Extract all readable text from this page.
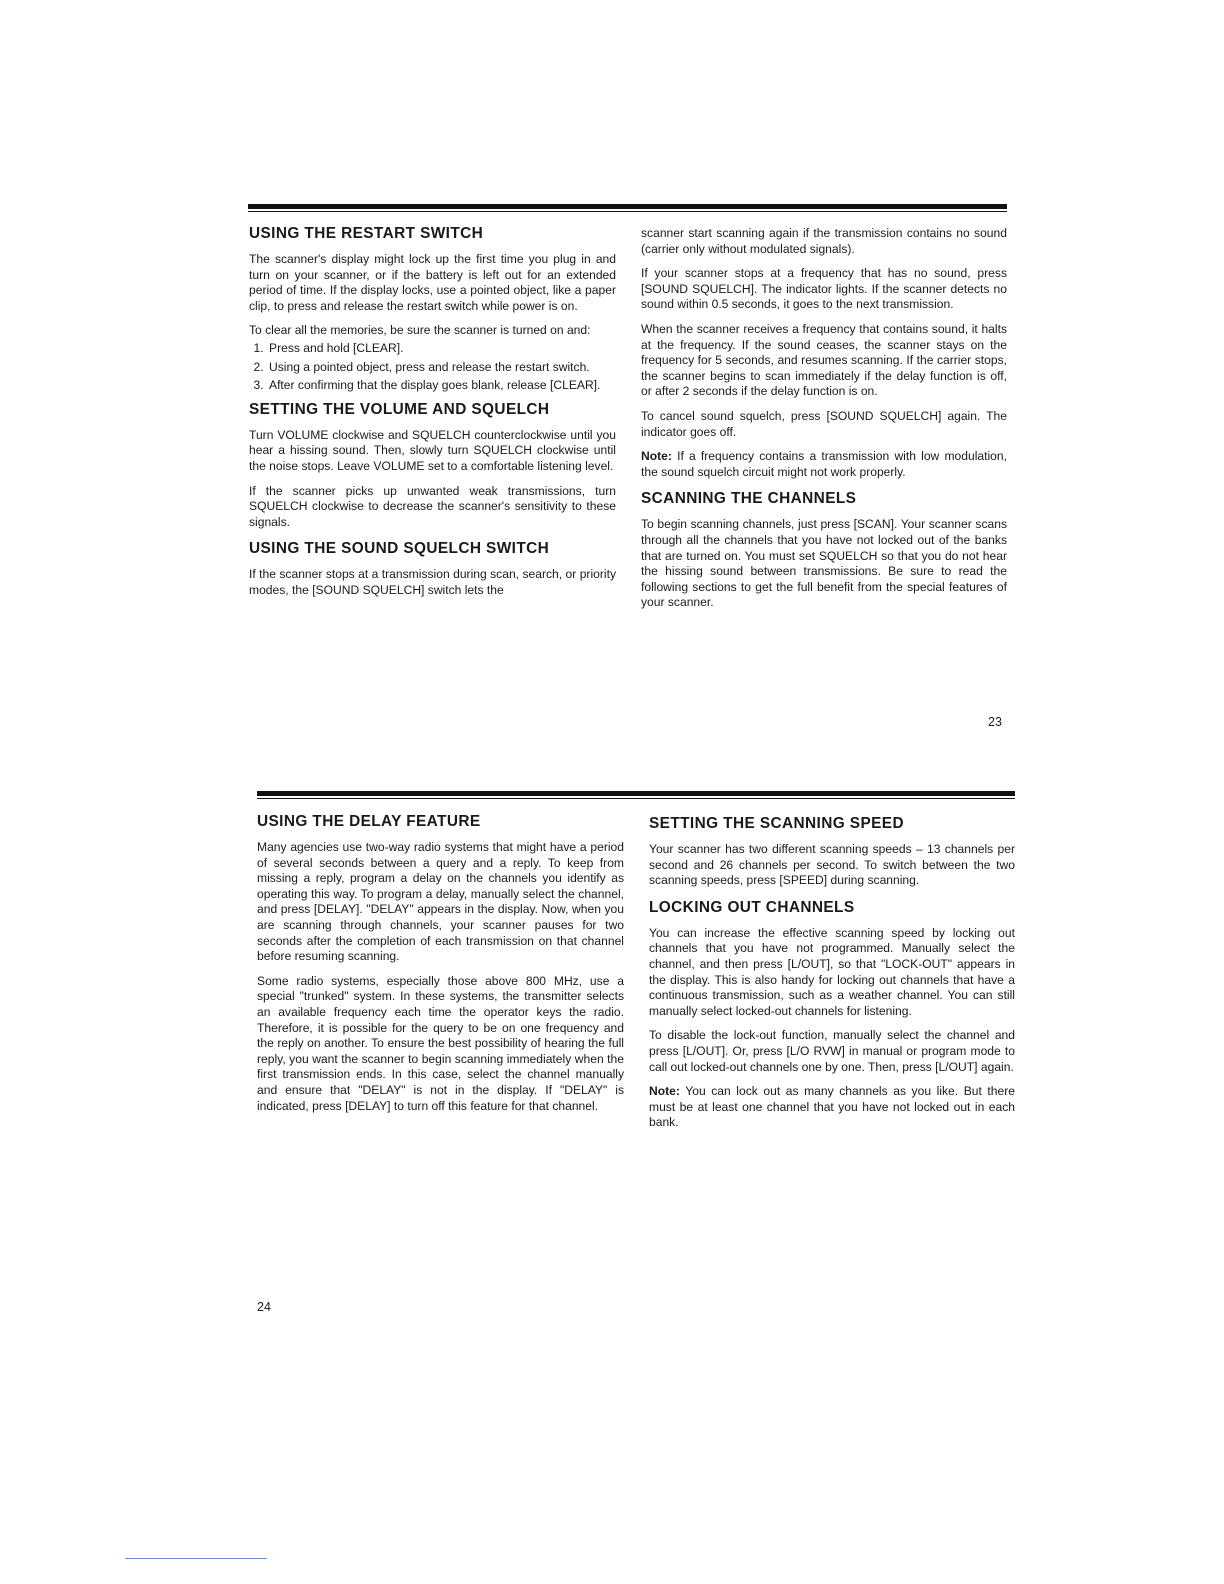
USING THE RESTART SWITCH

The scanner's display might lock up the first time you plug in and turn on your scanner, or if the battery is left out for an extended period of time. If the display locks, use a pointed object, like a paper clip, to press and release the restart switch while power is on.

To clear all the memories, be sure the scanner is turned on and:

1. Press and hold [CLEAR].
2. Using a pointed object, press and release the restart switch.
3. After confirming that the display goes blank, release [CLEAR].
SETTING THE VOLUME AND SQUELCH

Turn VOLUME clockwise and SQUELCH counterclockwise until you hear a hissing sound. Then, slowly turn SQUELCH clockwise until the noise stops. Leave VOLUME set to a comfortable listening level.

If the scanner picks up unwanted weak transmissions, turn SQUELCH clockwise to decrease the scanner's sensitivity to these signals.

USING THE SOUND SQUELCH SWITCH

If the scanner stops at a transmission during scan, search, or priority modes, the [SOUND SQUELCH] switch lets the

scanner start scanning again if the transmission contains no sound (carrier only without modulated signals).

If your scanner stops at a frequency that has no sound, press [SOUND SQUELCH]. The indicator lights. If the scanner detects no sound within 0.5 seconds, it goes to the next transmission.

When the scanner receives a frequency that contains sound, it halts at the frequency. If the sound ceases, the scanner stays on the frequency for 5 seconds, and resumes scanning. If the carrier stops, the scanner begins to scan immediately if the delay function is off, or after 2 seconds if the delay function is on.

To cancel sound squelch, press [SOUND SQUELCH] again. The indicator goes off.

Note: If a frequency contains a transmission with low modulation, the sound squelch circuit might not work properly.

SCANNING THE CHANNELS

To begin scanning channels, just press [SCAN]. Your scanner scans through all the channels that you have not locked out of the banks that are turned on. You must set SQUELCH so that you do not hear the hissing sound between transmissions. Be sure to read the following sections to get the full benefit from the special features of your scanner.

23
USING THE DELAY FEATURE

Many agencies use two-way radio systems that might have a period of several seconds between a query and a reply. To keep from missing a reply, program a delay on the channels you identify as operating this way. To program a delay, manually select the channel, and press [DELAY]. "DELAY" appears in the display. Now, when you are scanning through channels, your scanner pauses for two seconds after the completion of each transmission on that channel before resuming scanning.

Some radio systems, especially those above 800 MHz, use a special "trunked" system. In these systems, the transmitter selects an available frequency each time the operator keys the radio. Therefore, it is possible for the query to be on one frequency and the reply on another. To ensure the best possibility of hearing the full reply, you want the scanner to begin scanning immediately when the first transmission ends. In this case, select the channel manually and ensure that "DELAY" is not in the display. If "DELAY" is indicated, press [DELAY] to turn off this feature for that channel.

SETTING THE SCANNING SPEED

Your scanner has two different scanning speeds – 13 channels per second and 26 channels per second. To switch between the two scanning speeds, press [SPEED] during scanning.

LOCKING OUT CHANNELS

You can increase the effective scanning speed by locking out channels that you have not programmed. Manually select the channel, and then press [L/OUT], so that "LOCK-OUT" appears in the display. This is also handy for locking out channels that have a continuous transmission, such as a weather channel. You can still manually select locked-out channels for listening.

To disable the lock-out function, manually select the channel and press [L/OUT]. Or, press [L/O RVW] in manual or program mode to call out locked-out channels one by one. Then, press [L/OUT] again.

Note: You can lock out as many channels as you like. But there must be at least one channel that you have not locked out in each bank.

24
